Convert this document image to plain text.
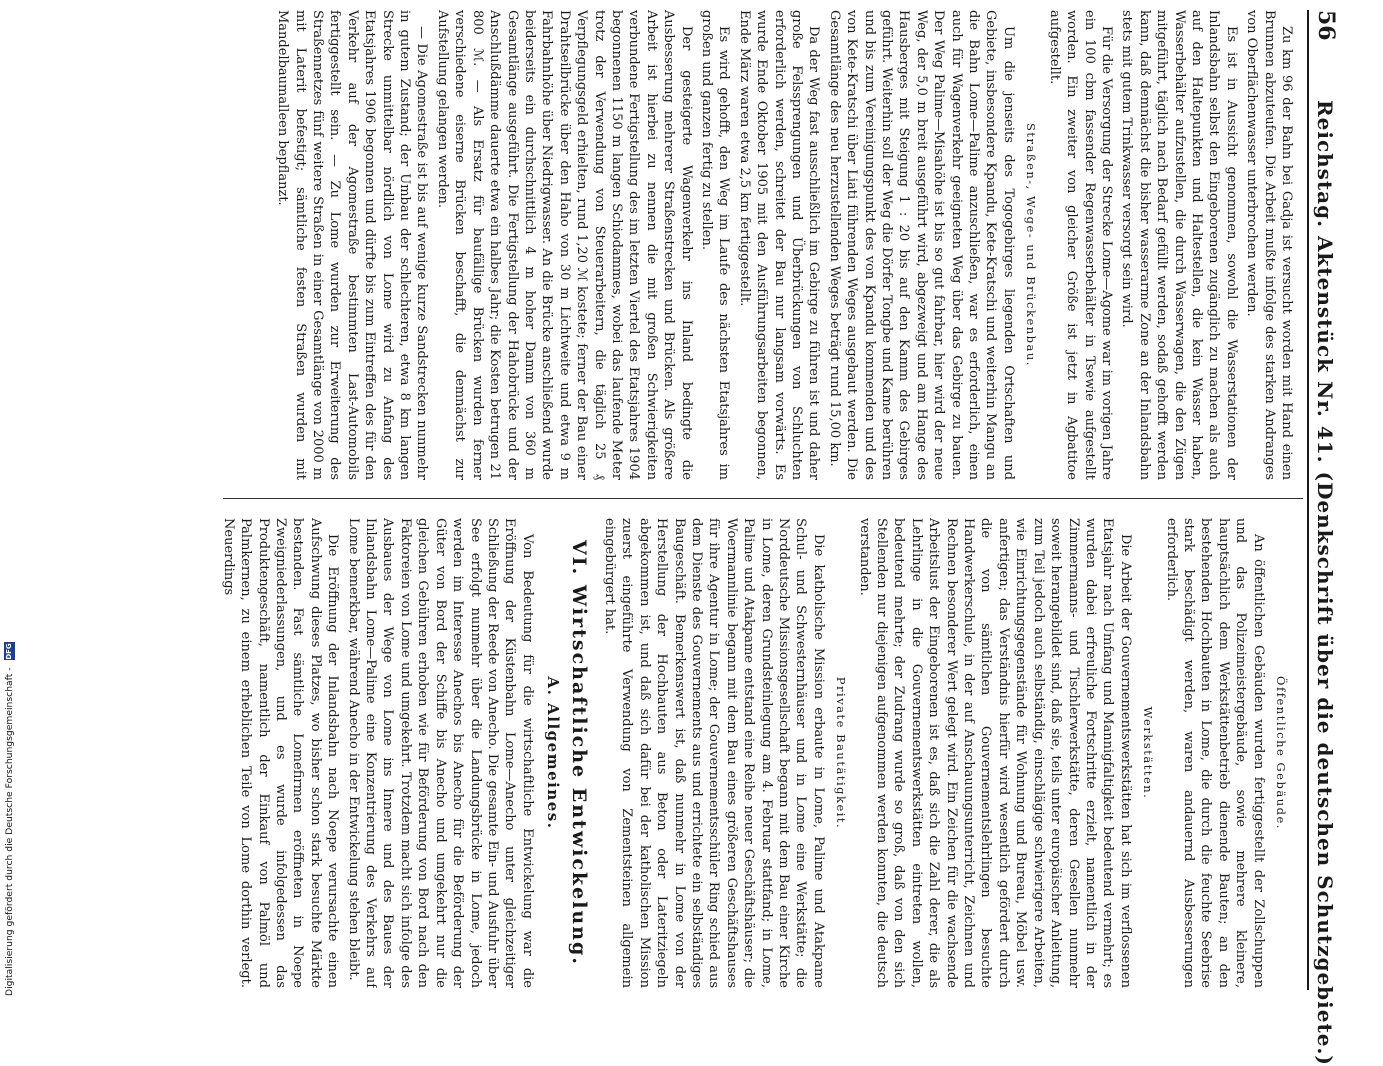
56
Reichstag. Aktenstück Nr. 41. (Denkschrift über die deutschen Schutzgebiete.)

Zu km 96 der Bahn bei Gadja ist versucht worden mit Hand einen Brunnen abzuteufen. Die Arbeit mußte infolge des starken Andranges von Oberflächenwasser unterbrochen werden.

Es ist in Aussicht genommen, sowohl die Wasserstationen der Inlandsbahn selbst den Eingeborenen zugänglich zu machen als auch auf den Haltepunkten und Haltestellen, die kein Wasser haben, Wasserbehälter aufzustellen, die durch Wasserwagen, die den Zügen mitgeführt, täglich nach Bedarf gefüllt werden, sodaß gehofft werden kann, daß demnächst die bisher wasserarme Zone an der Inlandsbahn stets mit gutem Trinkwasser versorgt sein wird.

Für die Versorgung der Strecke Lome—Agome war im vorigen Jahre ein 100 cbm fassender Regenwasserbehälter in Tsewie aufgestellt worden. Ein zweiter von gleicher Größe ist jetzt in Agbatitoe aufgestellt.

Straßen-, Wege- und Brückenbau.

Um die jenseits des Togogebirges liegenden Ortschaften und Gebiete, insbesondere Kpandu, Kete-Kratschi und weiterhin Mangu an die Bahn Lome—Palime anzuschließen, war es erforderlich, einen auch für Wagenverkehr geeigneten Weg über das Gebirge zu bauen. Der Weg Palime—Misahöhe ist bis so gut fahrbar, hier wird der neue Weg, der 5,0 m breit ausgeführt wird, abgezweigt und am Hange des Hausberges mit Steigung 1 : 20 bis auf den Kamm des Gebirges geführt. Weiterhin soll der Weg die Dörfer Tongbe und Kame berühren und bis zum Vereinigungspunkt des von Kpandu kommenden und des von Kete-Kratschi über Liati führenden Weges ausgebaut werden. Die Gesamtlänge des neu herzustellenden Weges beträgt rund 15,00 km.

Da der Weg fast ausschließlich im Gebirge zu führen ist und daher große Felssprengungen und Überbrückungen von Schluchten erforderlich werden, schreitet der Bau nur langsam vorwärts. Es wurde Ende Oktober 1905 mit den Ausführungsarbeiten begonnen, Ende März waren etwa 2,5 km fertiggestellt.

Es wird gehofft, den Weg im Laufe des nächsten Etatsjahres im großen und ganzen fertig zu stellen.

Der gesteigerte Wagenverkehr ins Inland bedingte die Ausbesserung mehrerer Straßenstrecken und Brücken. Als größere Arbeit ist hierbei zu nennen die mit großen Schwierigkeiten verbundene Fertigstellung des im letzten Viertel des Etatsjahres 1904 begonnenen 1150 m langen Schiodammes, wobei das laufende Meter trotz der Verwendung von Steuerarbeitern, die täglich 25 ₰ Verpflegungsgeld erhielten, rund 1,20 ℳ kostete; ferner der Bau einer Drahtseilbrücke über den Haho von 30 m Lichtweite und etwa 9 m Fahrbahnhöhe über Niedrigwasser. An die Brücke anschließend wurde beiderseits ein durchschnittlich 4 m hoher Damm von 360 m Gesamtlänge ausgeführt. Die Fertigstellung der Hahobrücke und der Anschlußdämme dauerte etwa ein halbes Jahr; die Kosten betrugen 21 800 ℳ. — Als Ersatz für baufällige Brücken wurden ferner verschiedene eiserne Brücken beschafft, die demnächst zur Aufstellung gelangen werden.

— Die Agomestraße ist bis auf wenige kurze Sandstrecken nunmehr in gutem Zustand; der Umbau der schlechteren, etwa 8 km langen Strecke unmittelbar nördlich von Lome wird zu Anfang des Etatsjahres 1906 begonnen und dürfte bis zum Eintreffen des für den Verkehr auf der Agomestraße bestimmten Last-Automobils fertiggestellt sein. — Zu Lome wurden zur Erweiterung des Straßennetzes fünf weitere Straßen in einer Gesamtlänge von 2000 m mit Laterit befestigt; sämtliche festen Straßen wurden mit Mandelbaumalleen bepflanzt.

Öffentliche Gebäude.

An öffentlichen Gebäuden wurden fertiggestellt der Zollschuppen und das Polizeimeistergebäude, sowie mehrere kleinere, hauptsächlich dem Werkstättenbetrieb dienende Bauten; an den bestehenden Hochbauten in Lome, die durch die feuchte Seebrise stark beschädigt werden, waren andauernd Ausbesserungen erforderlich.

Werkstätten.

Die Arbeit der Gouvernementswerkstätten hat sich im verflossenen Etatsjahr nach Umfang und Mannigfaltigkeit bedeutend vermehrt; es wurden dabei erfreuliche Fortschritte erzielt, namentlich in der Zimmermanns- und Tischlerwerkstätte, deren Gesellen nunmehr soweit herangebildet sind, daß sie, teils unter europäischer Anleitung, zum Teil jedoch auch selbständig, einschlägige schwierigere Arbeiten, wie Einrichtungsgegenstände für Wohnung und Bureau, Möbel usw. anfertigen; das Verständnis hierfür wird wesentlich gefördert durch die von sämtlichen Gouvernementslehrlingen besuchte Handwerkerschule, in der auf Anschauungsunterricht, Zeichnen und Rechnen besonderer Wert gelegt wird. Ein Zeichen für die wachsende Arbeitslust der Eingeborenen ist es, daß sich die Zahl derer, die als Lehrlinge in die Gouvernementswerkstätten eintreten wollen, bedeutend mehrte; der Zudrang wurde so groß, daß von den sich Stellenden nur diejenigen aufgenommen werden konnten, die deutsch verstanden.

Private Bautätigkeit.

Die katholische Mission erbaute in Lome, Palime und Atakpame Schul- und Schwesternhäuser und in Lome eine Werkstätte; die Norddeutsche Missionsgesellschaft begann mit dem Bau einer Kirche in Lome, deren Grundsteinlegung am 4. Februar stattfand; in Lome, Palime und Atakpame entstand eine Reihe neuer Geschäftshäuser; die Woermannlinie begann mit dem Bau eines größeren Geschäftshauses für ihre Agentur in Lome; der Gouvernementsschüler Ring schied aus dem Dienste des Gouvernements aus und errichtete ein selbständiges Baugeschäft. Bemerkenswert ist, daß nunmehr in Lome von der Herstellung der Hochbauten aus Beton oder Lateritziegeln abgekommen ist, und daß sich dafür bei der katholischen Mission zuerst eingeführte Verwendung von Zementsteinen allgemein eingebürgert hat.

VI. Wirtschaftliche Entwickelung.

A. Allgemeines.

Von Bedeutung für die wirtschaftliche Entwickelung war die Eröffnung der Küstenbahn Lome—Anecho unter gleichzeitiger Schließung der Reede von Anecho. Die gesamte Ein- und Ausfuhr über See erfolgt nunmehr über die Landungsbrücke in Lome, jedoch werden im Interesse Anechos bis Anecho für die Beförderung der Güter von Bord der Schiffe bis Anecho und umgekehrt nur die gleichen Gebühren erhoben wie für Beförderung von Bord nach den Faktoreien von Lome und umgekehrt. Trotzdem macht sich infolge des Ausbaues der Wege von Lome ins Innere und des Baues der Inlandsbahn Lome—Palime eine Konzentrierung des Verkehrs auf Lome bemerkbar, während Anecho in der Entwickelung stehen bleibt.

Die Eröffnung der Inlandsbahn nach Noepe verursachte einen Aufschwung dieses Platzes, wo bisher schon stark besuchte Märkte bestanden. Fast sämtliche Lomefirmen eröffneten in Noepe Zweigniederlassungen, und es wurde infolgedessen das Produktengeschäft, namentlich der Einkauf von Palmöl und Palmkernen, zu einem erheblichen Teile von Lome dorthin verlegt. Neuerdings

Digitalisierung gefördert durch die Deutsche Forschungsgemeinschaft - DFG
